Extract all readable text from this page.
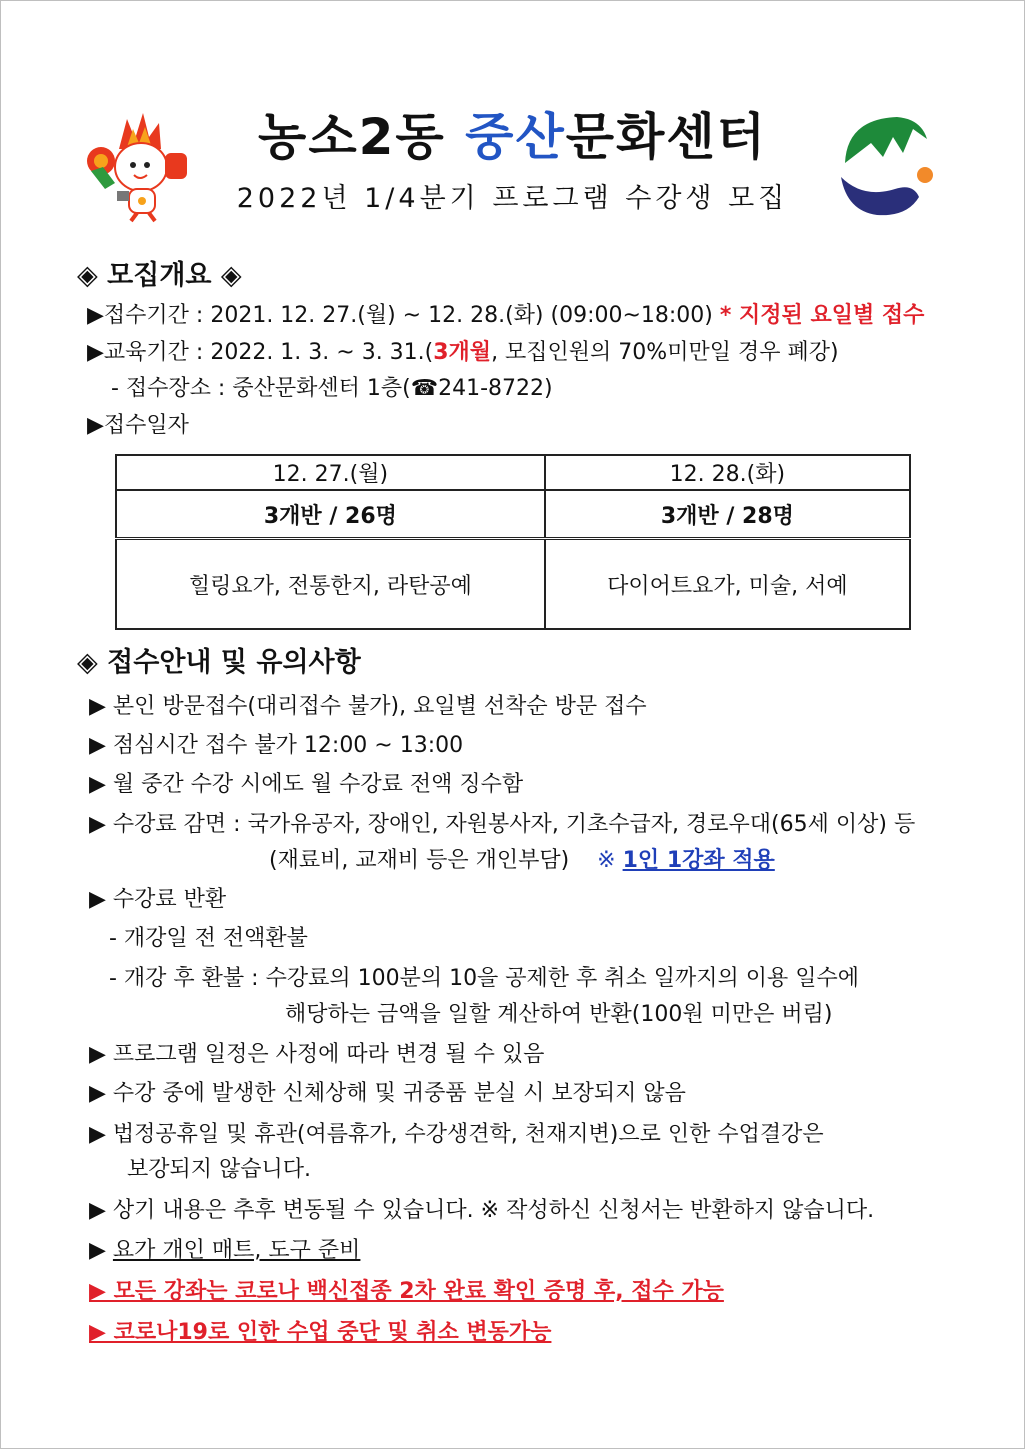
농소2동 중산문화센터
2022년 1/4분기 프로그램 수강생 모집
◈ 모집개요 ◈
▶접수기간 : 2021. 12. 27.(월) ~ 12. 28.(화) (09:00~18:00) * 지정된 요일별 접수
▶교육기간 : 2022. 1. 3. ~ 3. 31.(3개월, 모집인원의 70%미만일 경우 폐강)
- 접수장소 : 중산문화센터 1층(☎241-8722)
▶접수일자
12. 27.(월)	12. 28.(화)
3개반 / 26명	3개반 / 28명
힐링요가, 전통한지, 라탄공예	다이어트요가, 미술, 서예
◈ 접수안내 및 유의사항
▶ 본인 방문접수(대리접수 불가), 요일별 선착순 방문 접수
▶ 점심시간 접수 불가 12:00 ~ 13:00
▶ 월 중간 수강 시에도 월 수강료 전액 징수함
▶ 수강료 감면 : 국가유공자, 장애인, 자원봉사자, 기초수급자, 경로우대(65세 이상) 등
(재료비, 교재비 등은 개인부담) ※ 1인 1강좌 적용
▶ 수강료 반환
- 개강일 전 전액환불
- 개강 후 환불 : 수강료의 100분의 10을 공제한 후 취소 일까지의 이용 일수에
해당하는 금액을 일할 계산하여 반환(100원 미만은 버림)
▶ 프로그램 일정은 사정에 따라 변경 될 수 있음
▶ 수강 중에 발생한 신체상해 및 귀중품 분실 시 보장되지 않음
▶ 법정공휴일 및 휴관(여름휴가, 수강생견학, 천재지변)으로 인한 수업결강은
보강되지 않습니다.
▶ 상기 내용은 추후 변동될 수 있습니다. ※ 작성하신 신청서는 반환하지 않습니다.
▶ 요가 개인 매트, 도구 준비
▶ 모든 강좌는 코로나 백신접종 2차 완료 확인 증명 후, 접수 가능
▶ 코로나19로 인한 수업 중단 및 취소 변동가능
